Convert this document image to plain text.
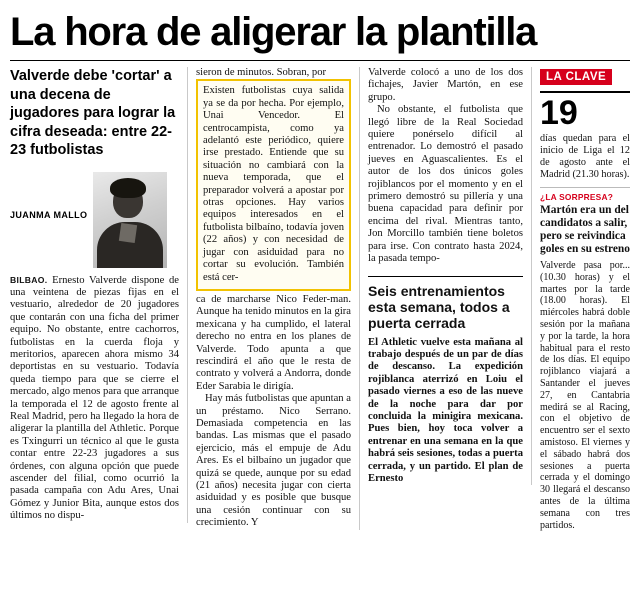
La hora de aligerar la plantilla
Valverde debe 'cortar' a una decena de jugadores para lograr la cifra deseada: entre 22-23 futbolistas
JUANMA MALLO

BILBAO. Ernesto Valverde dispone de una veintena de piezas fijas en el vestuario, alrededor de 20 jugadores que contarán con una ficha del primer equipo. No obstante, entre cachorros, futbolistas en la cuerda floja y meritorios, aparecen ahora mismo 34 deportistas en su vestuario. Todavía queda tiempo para que se cierre el mercado, algo menos para que arranque la temporada el 12 de agosto frente al Real Madrid, pero ha llegado la hora de aligerar la plantilla del Athletic. Porque es Txingurri un técnico al que le gusta contar entre 22-23 jugadores a sus órdenes, con alguna opción que puede ascender del filial, como ocurrió la pasada campaña con Adu Ares, Unai Gómez y Junior Bita, aunque estos dos últimos no dispu-

sieron de minutos. Sobran, por

Existen futbolistas cuya salida ya se da por hecha. Por ejemplo, Unai Vencedor. El centrocampista, como ya adelantó este periódico, quiere irse prestado. Entiende que su situación no cambiará con la nueva temporada, que el preparador volverá a apostar por otras opciones. Hay varios equipos interesados en el futbolista bilbaíno, todavía joven (22 años) y con necesidad de jugar con asiduidad para no cortar su evolución. También está cer-

ca de marcharse Nico Feder-man. Aunque ha tenido minutos en la gira mexicana y ha cumplido, el lateral derecho no entra en los planes de Valverde. Todo apunta a que rescindirá el año que le resta de contrato y volverá a Andorra, donde Eder Sarabia le dirigía.

Hay más futbolistas que apuntan a un préstamo. Nico Serrano. Demasiada competencia en las bandas. Las mismas que el pasado ejercicio, más el empuje de Adu Ares. Es el bilbaíno un jugador que quizá se quede, aunque por su edad (21 años) necesita jugar con cierta asiduidad y es posible que busque una cesión continuar con su crecimiento. Y

Valverde colocó a uno de los dos fichajes, Javier Martón, en ese grupo.

No obstante, el futbolista que llegó libre de la Real Sociedad quiere ponérselo difícil al entrenador. Lo demostró el pasado jueves en Aguascalientes. Es el autor de los dos únicos goles rojiblancos por el momento y en el primero demostró su pillería y una buena capacidad para definir por encima del rival. Mientras tanto, Jon Morcillo también tiene boletos para irse. Con contrato hasta 2024, la pasada tempo-

Seis entrenamientos esta semana, todos a puerta cerrada

El Athletic vuelve esta mañana al trabajo después de un par de días de descanso. La expedición rojiblanca aterrizó en Loiu el pasado viernes a eso de las nueve de la noche para dar por concluida la minigira mexicana. Pues bien, hoy toca volver a entrenar en una semana en la que habrá seis sesiones, todas a puerta cerrada, y un partido. El plan de Ernesto

LA CLAVE
19
días quedan para el inicio de Liga el 12 de agosto ante el Madrid (21.30 horas).
¿LA SORPRESA?
Martón era un del candidatos a salir, pero se reivindica goles en su estreno

Valverde pasa por... (10.30 horas) y el martes por la tarde (18.00 horas). El miércoles habrá doble sesión por la mañana y por la tarde, la hora habitual para el resto de los días. El equipo rojiblanco viajará a Santander el jueves 27, en Cantabria medirá se al Racing, con el objetivo de encuentro ser el sexto amistoso. El viernes y el sábado habrá dos sesiones a puerta cerrada y el domingo 30 llegará el descanso antes de la última semana con tres partidos.
